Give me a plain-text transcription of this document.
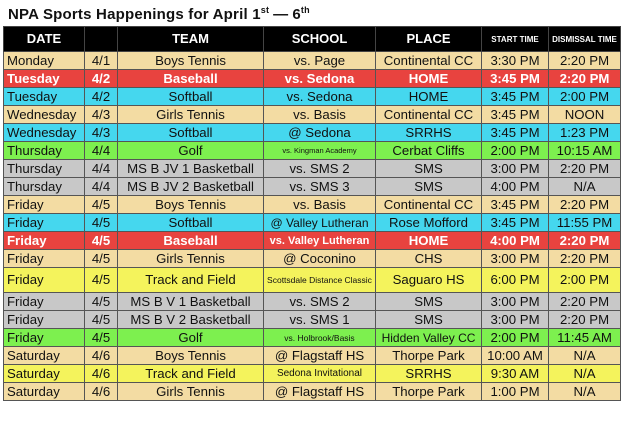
NPA Sports Happenings for April 1st — 6th
DATE		TEAM	SCHOOL	PLACE	START TIME	DISMISSAL TIME
Monday	4/1	Boys Tennis	vs. Page	Continental CC	3:30 PM	2:20 PM
Tuesday	4/2	Baseball	vs. Sedona	HOME	3:45 PM	2:20 PM
Tuesday	4/2	Softball	vs. Sedona	HOME	3:45 PM	2:00 PM
Wednesday	4/3	Girls Tennis	vs. Basis	Continental CC	3:45 PM	NOON
Wednesday	4/3	Softball	@ Sedona	SRRHS	3:45 PM	1:23 PM
Thursday	4/4	Golf	vs. Kingman Academy	Cerbat Cliffs	2:00 PM	10:15 AM
Thursday	4/4	MS B JV 1 Basketball	vs. SMS 2	SMS	3:00 PM	2:20 PM
Thursday	4/4	MS B JV 2 Basketball	vs. SMS 3	SMS	4:00 PM	N/A
Friday	4/5	Boys Tennis	vs. Basis	Continental CC	3:45 PM	2:20 PM
Friday	4/5	Softball	@ Valley Lutheran	Rose Mofford	3:45 PM	11:55 PM
Friday	4/5	Baseball	vs. Valley Lutheran	HOME	4:00 PM	2:20 PM
Friday	4/5	Girls Tennis	@ Coconino	CHS	3:00 PM	2:20 PM
Friday	4/5	Track and Field	Scottsdale Distance Classic	Saguaro HS	6:00 PM	2:00 PM
Friday	4/5	MS B V 1 Basketball	vs. SMS 2	SMS	3:00 PM	2:20 PM
Friday	4/5	MS B V 2 Basketball	vs. SMS 1	SMS	3:00 PM	2:20 PM
Friday	4/5	Golf	vs. Holbrook/Basis	Hidden Valley CC	2:00 PM	11:45 AM
Saturday	4/6	Boys Tennis	@ Flagstaff HS	Thorpe Park	10:00 AM	N/A
Saturday	4/6	Track and Field	Sedona Invitational	SRRHS	9:30 AM	N/A
Saturday	4/6	Girls Tennis	@ Flagstaff HS	Thorpe Park	1:00 PM	N/A
